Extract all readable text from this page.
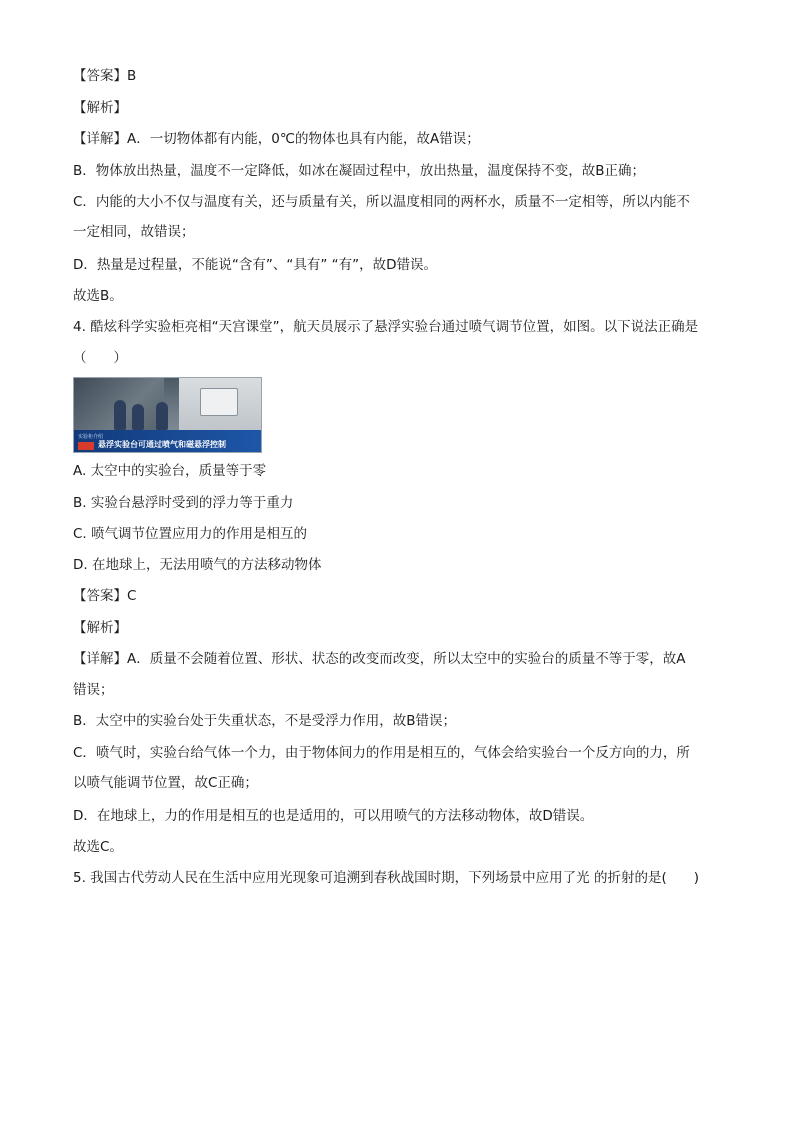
【答案】B
【解析】
【详解】A．一切物体都有内能，0℃的物体也具有内能，故A错误；
B．物体放出热量，温度不一定降低，如冰在凝固过程中，放出热量，温度保持不变，故B正确；
C．内能的大小不仅与温度有关，还与质量有关，所以温度相同的两杯水，质量不一定相等，所以内能不
一定相同，故错误；
D．热量是过程量，不能说“含有”、“具有” “有”，故D错误。
故选B。
4. 酷炫科学实验柜亮相“天宫课堂”，航天员展示了悬浮实验台通过喷气调节位置，如图。以下说法正确是
（　　）
实验柜介绍
悬浮实验台可通过喷气和磁悬浮控制
A. 太空中的实验台，质量等于零
B. 实验台悬浮时受到的浮力等于重力
C. 喷气调节位置应用力的作用是相互的
D. 在地球上，无法用喷气的方法移动物体
【答案】C
【解析】
【详解】A．质量不会随着位置、形状、状态的改变而改变，所以太空中的实验台的质量不等于零，故A
错误；
B．太空中的实验台处于失重状态，不是受浮力作用，故B错误；
C．喷气时，实验台给气体一个力，由于物体间力的作用是相互的，气体会给实验台一个反方向的力，所
以喷气能调节位置，故C正确；
D．在地球上，力的作用是相互的也是适用的，可以用喷气的方法移动物体，故D错误。
故选C。
5. 我国古代劳动人民在生活中应用光现象可追溯到春秋战国时期，下列场景中应用了光 的折射的是(　　)
